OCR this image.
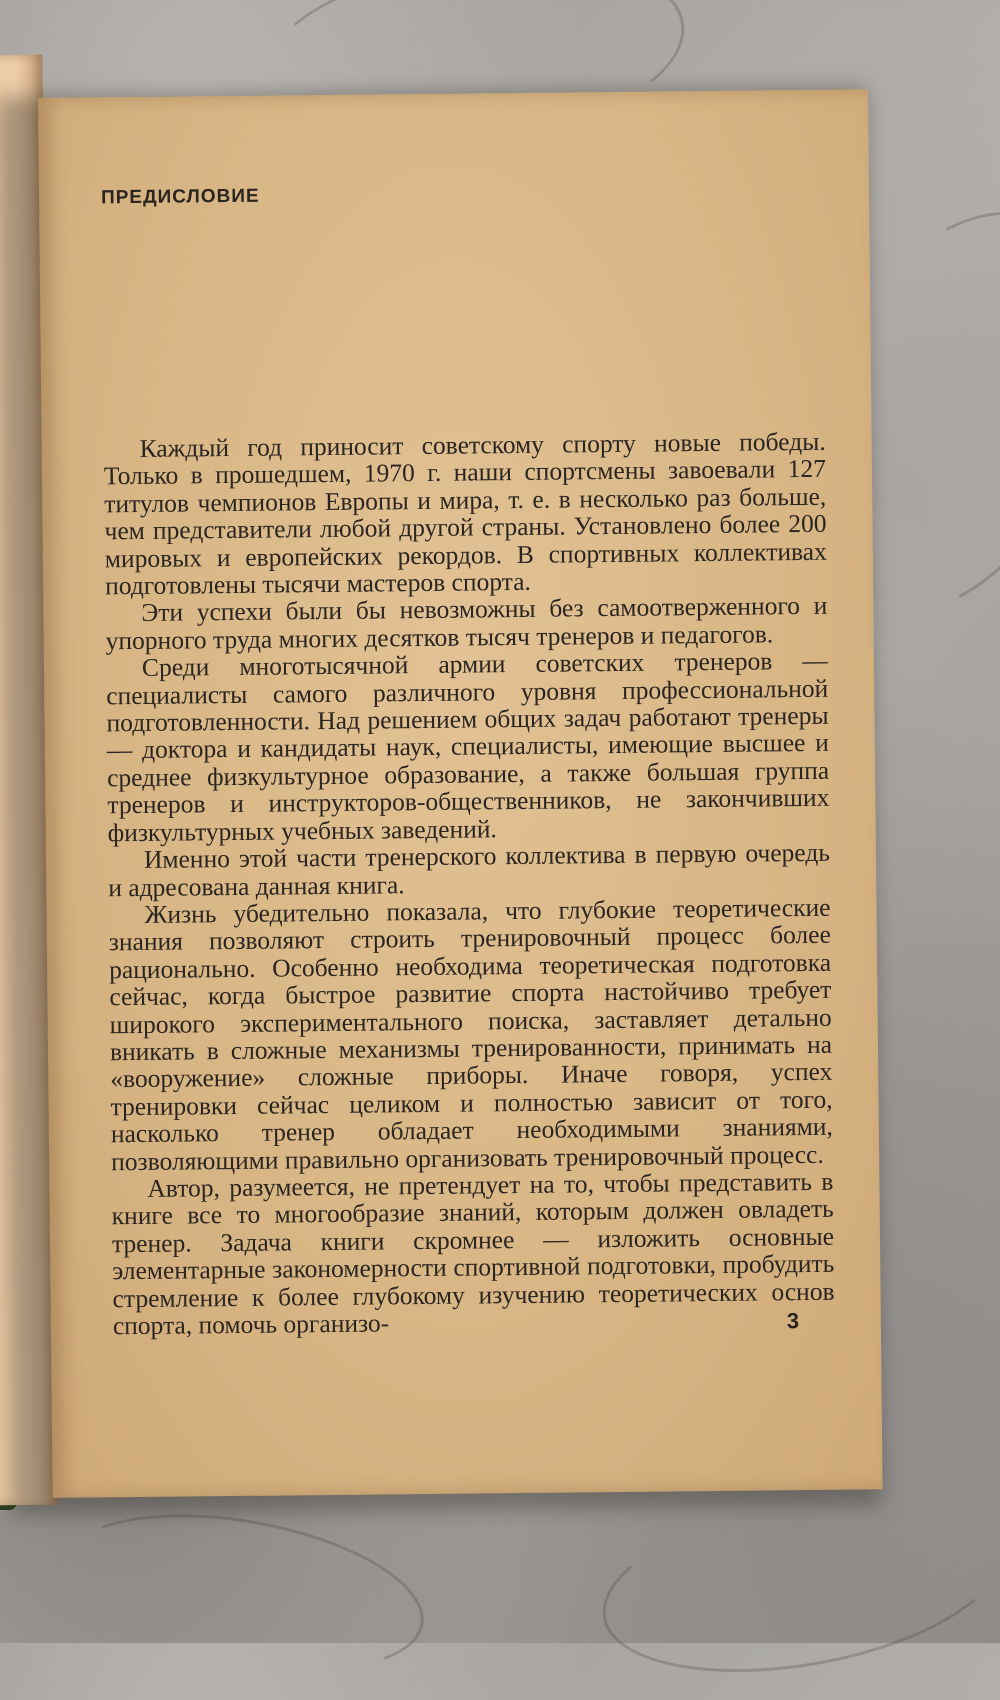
ПРЕДИСЛОВИЕ

Каждый год приносит советскому спорту новые победы. Только в прошедшем, 1970 г. наши спортсмены завоевали 127 титулов чемпионов Европы и мира, т. е. в несколько раз больше, чем представители любой другой страны. Установлено более 200 мировых и европейских рекордов. В спортивных коллективах подготовлены тысячи мастеров спорта.

Эти успехи были бы невозможны без самоотверженного и упорного труда многих десятков тысяч тренеров и педагогов.

Среди многотысячной армии советских тренеров — специалисты самого различного уровня профессиональной подготовленности. Над решением общих задач работают тренеры — доктора и кандидаты наук, специалисты, имеющие высшее и среднее физкультурное образование, а также большая группа тренеров и инструкторов-общественников, не закончивших физкультурных учебных заведений.

Именно этой части тренерского коллектива в первую очередь и адресована данная книга.

Жизнь убедительно показала, что глубокие теоретические знания позволяют строить тренировочный процесс более рационально. Особенно необходима теоретическая подготовка сейчас, когда быстрое развитие спорта настойчиво требует широкого экспериментального поиска, заставляет детально вникать в сложные механизмы тренированности, принимать на «вооружение» сложные приборы. Иначе говоря, успех тренировки сейчас целиком и полностью зависит от того, насколько тренер обладает необходимыми знаниями, позволяющими правильно организовать тренировочный процесс.

Автор, разумеется, не претендует на то, чтобы представить в книге все то многообразие знаний, которым должен овладеть тренер. Задача книги скромнее — изложить основные элементарные закономерности спортивной подготовки, пробудить стремление к более глубокому изучению теоретических основ спорта, помочь организо-	3
